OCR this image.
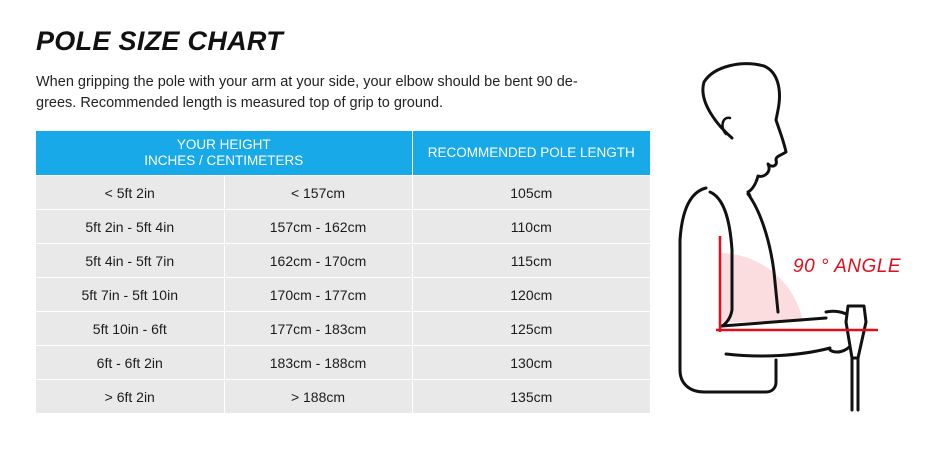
POLE SIZE CHART

When gripping the pole with your arm at your side, your elbow should be bent 90 de-
grees. Recommended length is measured top of grip to ground.

YOUR HEIGHT
INCHES / CENTIMETERS		RECOMMENDED POLE LENGTH
< 5ft 2in	< 157cm	105cm
5ft 2in - 5ft 4in	157cm - 162cm	110cm
5ft 4in - 5ft 7in	162cm - 170cm	115cm
5ft 7in - 5ft 10in	170cm - 177cm	120cm
5ft 10in - 6ft	177cm - 183cm	125cm
6ft - 6ft 2in	183cm - 188cm	130cm
> 6ft 2in	> 188cm	135cm

90 ° ANGLE
